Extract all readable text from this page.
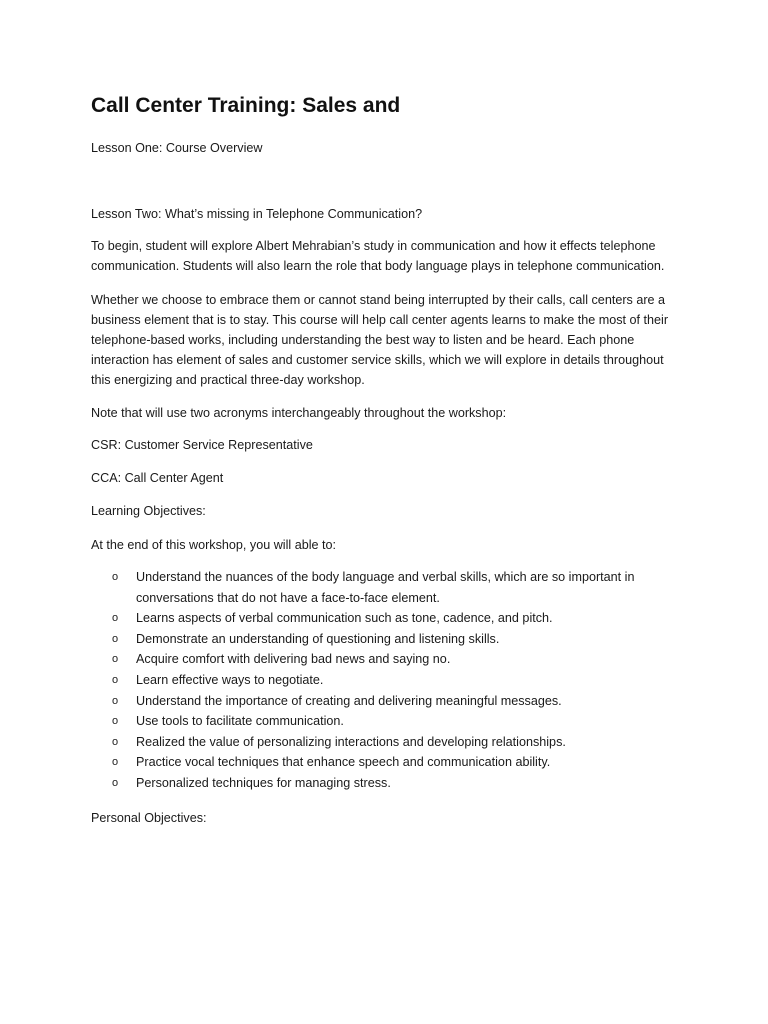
Call Center Training: Sales and

Lesson One: Course Overview

Lesson Two: What’s missing in Telephone Communication?

To begin, student will explore Albert Mehrabian’s study in communication and how it effects telephone communication. Students will also learn the role that body language plays in telephone communication.

Whether we choose to embrace them or cannot stand being interrupted by their calls, call centers are a business element that is to stay. This course will help call center agents learns to make the most of their telephone-based works, including understanding the best way to listen and be heard. Each phone interaction has element of sales and customer service skills, which we will explore in details throughout this energizing and practical three-day workshop.

Note that will use two acronyms interchangeably throughout the workshop:

CSR: Customer Service Representative

CCA: Call Center Agent

Learning Objectives:

At the end of this workshop, you will able to:

o Understand the nuances of the body language and verbal skills, which are so important in conversations that do not have a face-to-face element.
o Learns aspects of verbal communication such as tone, cadence, and pitch.
o Demonstrate an understanding of questioning and listening skills.
o Acquire comfort with delivering bad news and saying no.
o Learn effective ways to negotiate.
o Understand the importance of creating and delivering meaningful messages.
o Use tools to facilitate communication.
o Realized the value of personalizing interactions and developing relationships.
o Practice vocal techniques that enhance speech and communication ability.
o Personalized techniques for managing stress.

Personal Objectives:
